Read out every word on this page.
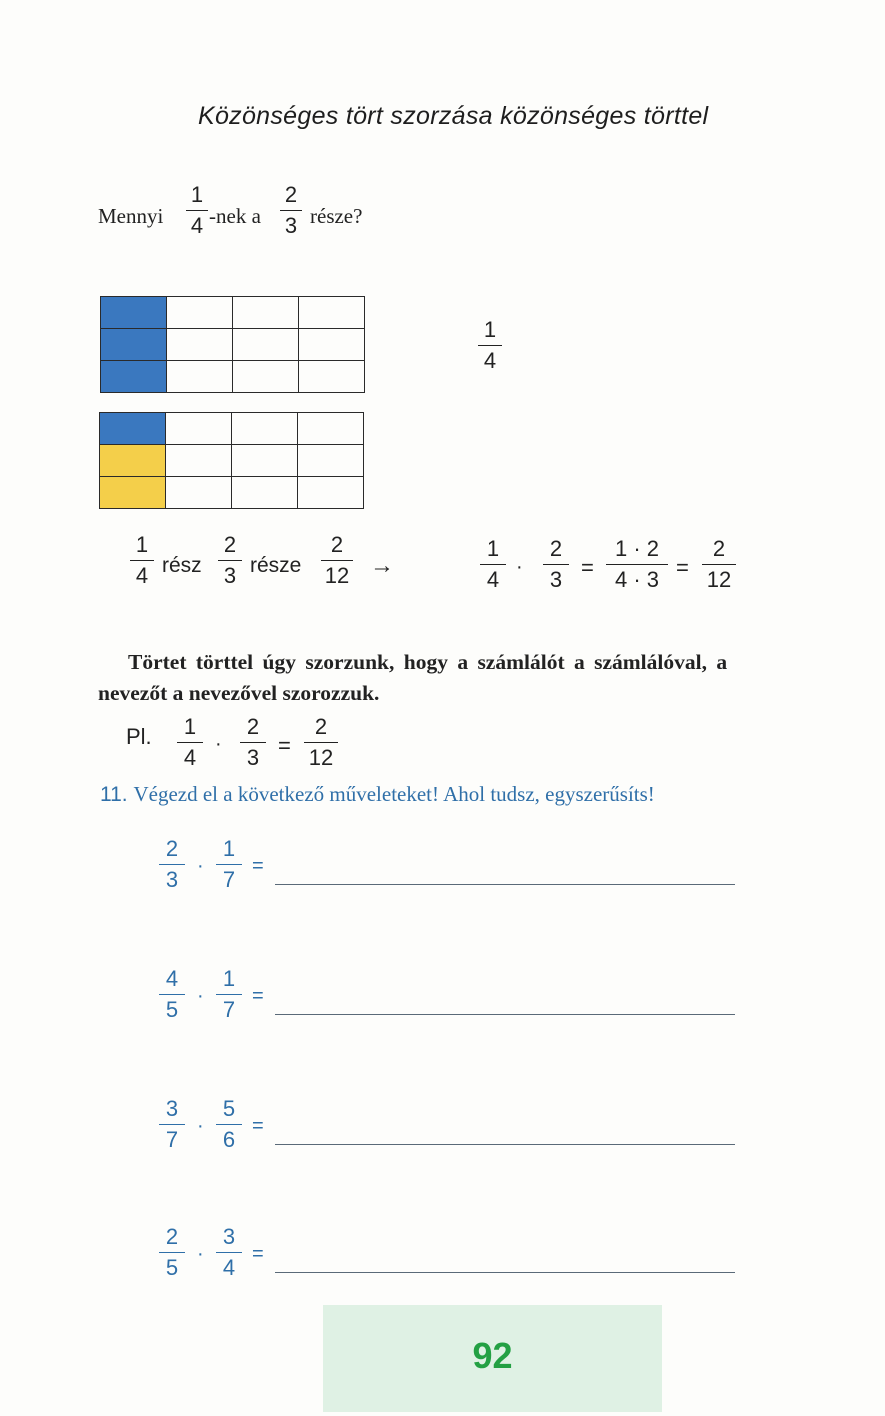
Közönséges tört szorzása közönséges törttel
Mennyi
1
4 -nek a
2
3 része?

1
4
1
4 rész
2
3 része
2
12 →
1
4
·
2
3 =
1 · 2
4 · 3 =
2
12
Törtet törttel úgy szorzunk, hogy a számlálót a számlálóval, a
nevezőt a nevezővel szorozzuk.
Pl. 1
4
·
2
3 =
2
12
11. Végezd el a következő műveleteket! Ahol tudsz, egyszerűsíts!
2
3
·
1
7
=
4
5
·
1
7
=
3
7
·
5
6
=
2
5
·
3
4
=
92
